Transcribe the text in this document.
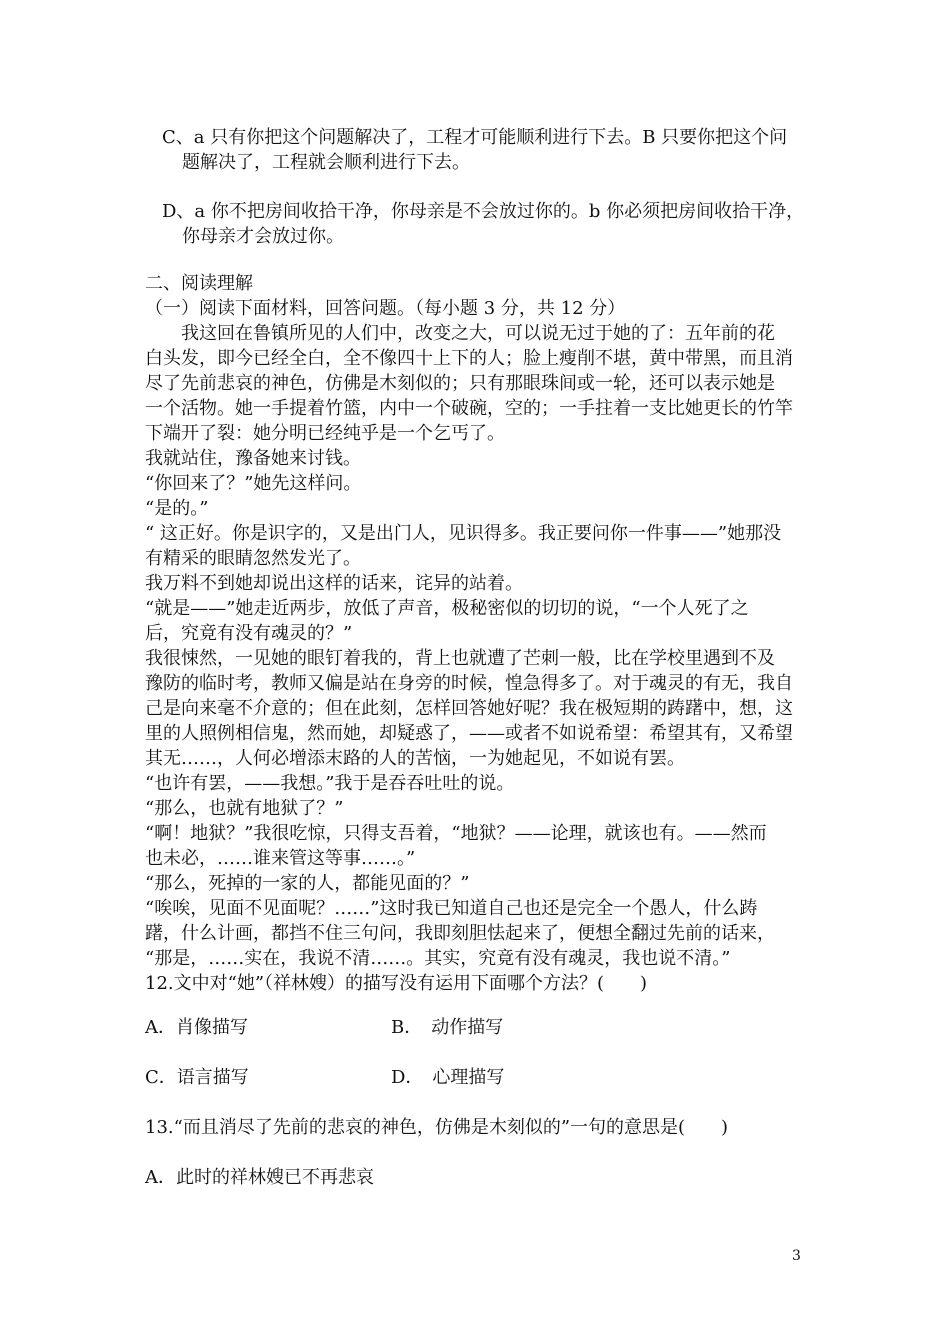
C、a 只有你把这个问题解决了，工程才可能顺利进行下去。B 只要你把这个问
题解决了，工程就会顺利进行下去。
D、a 你不把房间收拾干净，你母亲是不会放过你的。b 你必须把房间收拾干净，
你母亲才会放过你。
二、阅读理解
（一）阅读下面材料，回答问题。（每小题 3 分，共 12 分）
我这回在鲁镇所见的人们中，改变之大，可以说无过于她的了：五年前的花
白头发，即今已经全白，全不像四十上下的人；脸上瘦削不堪，黄中带黑，而且消
尽了先前悲哀的神色，仿佛是木刻似的；只有那眼珠间或一轮，还可以表示她是
一个活物。她一手提着竹篮，内中一个破碗，空的；一手拄着一支比她更长的竹竿
下端开了裂：她分明已经纯乎是一个乞丐了。
我就站住，豫备她来讨钱。
“你回来了？”她先这样问。
“是的。”
“ 这正好。你是识字的，又是出门人，见识得多。我正要问你一件事——”她那没
有精采的眼睛忽然发光了。
我万料不到她却说出这样的话来，诧异的站着。
“就是——”她走近两步，放低了声音，极秘密似的切切的说，“一个人死了之
后，究竟有没有魂灵的？”
我很悚然，一见她的眼钉着我的，背上也就遭了芒刺一般，比在学校里遇到不及
豫防的临时考，教师又偏是站在身旁的时候，惶急得多了。对于魂灵的有无，我自
己是向来毫不介意的；但在此刻，怎样回答她好呢？我在极短期的踌躇中，想，这
里的人照例相信鬼，然而她，却疑惑了，——或者不如说希望：希望其有，又希望
其无……，人何必增添末路的人的苦恼，一为她起见，不如说有罢。
“也许有罢，——我想。”我于是吞吞吐吐的说。
“那么，也就有地狱了？”
“啊！地狱？”我很吃惊，只得支吾着，“地狱？——论理，就该也有。——然而
也未必，……谁来管这等事……。”
“那么，死掉的一家的人，都能见面的？”
“唉唉，见面不见面呢？……”这时我已知道自己也还是完全一个愚人，什么踌
躇，什么计画，都挡不住三句问，我即刻胆怯起来了，便想全翻过先前的话来，
“那是，……实在，我说不清……。其实，究竟有没有魂灵，我也说不清。”
12.文中对“她”（祥林嫂）的描写没有运用下面哪个方法？(　　)
A．肖像描写	B．　动作描写
C．语言描写	D．　心理描写
13.“而且消尽了先前的悲哀的神色，仿佛是木刻似的”一句的意思是(　　)
A．此时的祥林嫂已不再悲哀
3
